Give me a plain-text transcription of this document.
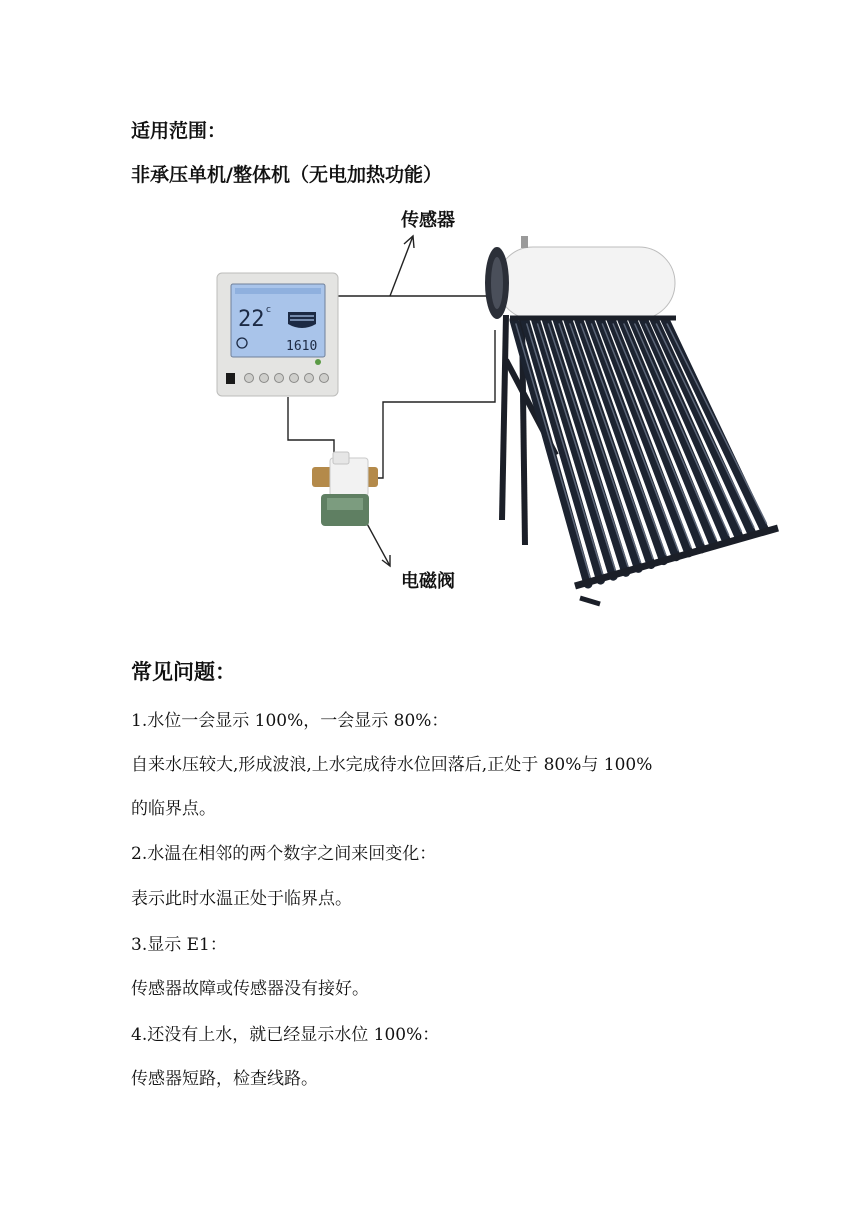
适用范围：
非承压单机/整体机（无电加热功能）
22 c
1610
传感器
电磁阀
常见问题：
1.水位一会显示 100%，一会显示 80%：
自来水压较大,形成波浪,上水完成待水位回落后,正处于 80%与 100%
的临界点。
2.水温在相邻的两个数字之间来回变化：
表示此时水温正处于临界点。
3.显示 E1：
传感器故障或传感器没有接好。
4.还没有上水，就已经显示水位 100%：
传感器短路，检查线路。
